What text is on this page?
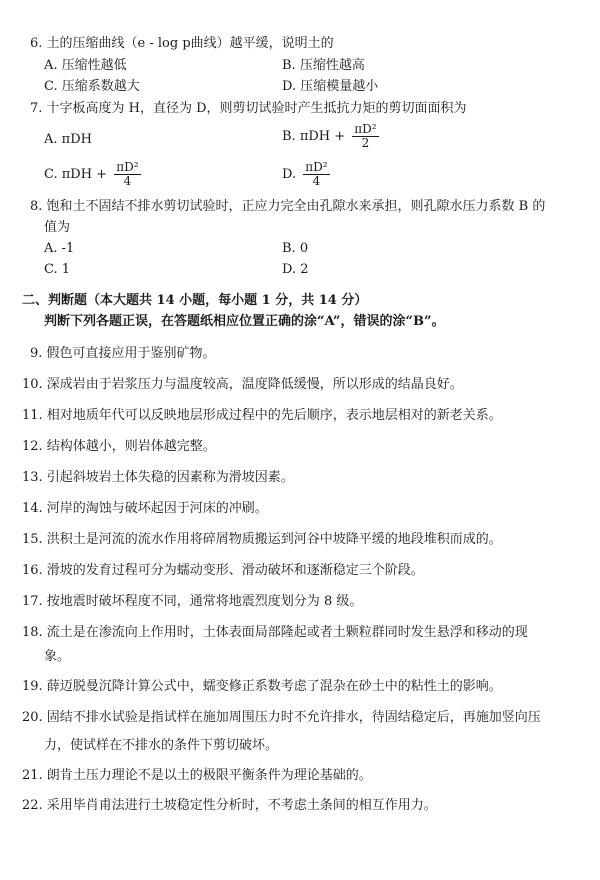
6. 土的压缩曲线（e - log p曲线）越平缓，说明土的
A. 压缩性越低	B. 压缩性越高
C. 压缩系数越大	D. 压缩模量越小
7. 十字板高度为 H，直径为 D，则剪切试验时产生抵抗力矩的剪切面面积为
A. πDH	B. $\pi DH + \frac{\text{πD²}}{2}$
C. $\pi DH + \frac{\text{πD²}}{4}$	D. $\frac{\text{πD²}}{4}$
8. 饱和土不固结不排水剪切试验时，正应力完全由孔隙水来承担，则孔隙水压力系数 B 的
值为
A. -1	B. 0
C. 1	D. 2
二、判断题（本大题共 14 小题，每小题 1 分，共 14 分）
判断下列各题正误，在答题纸相应位置正确的涂“A”，错误的涂“B”。
9. 假色可直接应用于鉴别矿物。
10. 深成岩由于岩浆压力与温度较高，温度降低缓慢，所以形成的结晶良好。
11. 相对地质年代可以反映地层形成过程中的先后顺序，表示地层相对的新老关系。
12. 结构体越小，则岩体越完整。
13. 引起斜坡岩土体失稳的因素称为滑坡因素。
14. 河岸的淘蚀与破坏起因于河床的冲刷。
15. 洪积土是河流的流水作用将碎屑物质搬运到河谷中坡降平缓的地段堆积而成的。
16. 滑坡的发育过程可分为蠕动变形、滑动破坏和逐渐稳定三个阶段。
17. 按地震时破坏程度不同，通常将地震烈度划分为 8 级。
18. 流土是在渗流向上作用时，土体表面局部隆起或者土颗粒群同时发生悬浮和移动的现
象。
19. 薛迈脱曼沉降计算公式中，蠕变修正系数考虑了混杂在砂土中的粘性土的影响。
20. 固结不排水试验是指试样在施加周围压力时不允许排水，待固结稳定后，再施加竖向压
力，使试样在不排水的条件下剪切破坏。
21. 朗肯土压力理论不是以土的极限平衡条件为理论基础的。
22. 采用毕肖甫法进行土坡稳定性分析时，不考虑土条间的相互作用力。
